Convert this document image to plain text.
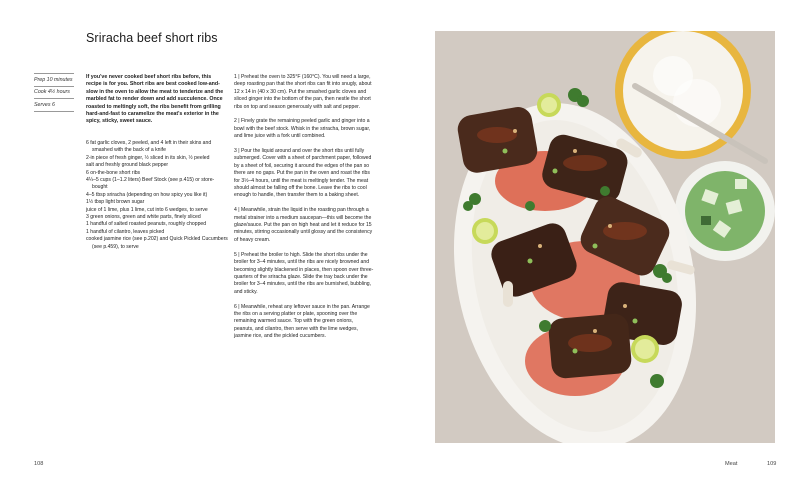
Sriracha beef short ribs
Prep 10 minutes
Cook 4½ hours
Serves 6
If you've never cooked beef short ribs before, this recipe is for you. Short ribs are best cooked low-and-slow in the oven to allow the meat to tenderize and the marbled fat to render down and add succulence. Once roasted to meltingly soft, the ribs benefit from grilling hard-and-fast to caramelize the meat's exterior in the spicy, sticky, sweet sauce.
6 fat garlic cloves, 2 peeled, and 4 left in their skins and smashed with the back of a knife
2-in piece of fresh ginger, ½ sliced in its skin, ½ peeled
salt and freshly ground black pepper
6 on-the-bone short ribs
4¼–5 cups (1–1.2 liters) Beef Stock (see p.415) or store-bought
4–5 tbsp sriracha (depending on how spicy you like it)
1½ tbsp light brown sugar
juice of 1 lime, plus 1 lime, cut into 6 wedges, to serve
3 green onions, green and white parts, finely sliced
1 handful of salted roasted peanuts, roughly chopped
1 handful of cilantro, leaves picked
cooked jasmine rice (see p.202) and Quick Pickled Cucumbers (see p.459), to serve

1 | Preheat the oven to 325°F (160°C). You will need a large, deep roasting pan that the short ribs can fit into snugly, about 12 x 14 in (40 x 30 cm). Put the smashed garlic cloves and sliced ginger into the bottom of the pan, then nestle the short ribs on top and season generously with salt and pepper.

2 | Finely grate the remaining peeled garlic and ginger into a bowl with the beef stock. Whisk in the sriracha, brown sugar, and lime juice with a fork until combined.

3 | Pour the liquid around and over the short ribs until fully submerged. Cover with a sheet of parchment paper, followed by a sheet of foil, securing it around the edges of the pan so there are no gaps. Put the pan in the oven and roast the ribs for 3½–4 hours, until the meat is meltingly tender. The meat should almost be falling off the bone. Leave the ribs to cool enough to handle, then transfer them to a baking sheet.

4 | Meanwhile, strain the liquid in the roasting pan through a metal strainer into a medium saucepan—this will become the glaze/sauce. Put the pan on high heat and let it reduce for 15 minutes, stirring occasionally until glossy and the consistency of heavy cream.

5 | Preheat the broiler to high. Slide the short ribs under the broiler for 3–4 minutes, until the ribs are nicely browned and becoming slightly blackened in places, then spoon over three-quarters of the sriracha glaze. Slide the tray back under the broiler for 3–4 minutes, until the ribs are burnished, bubbling, and sticky.

6 | Meanwhile, reheat any leftover sauce in the pan. Arrange the ribs on a serving platter or plate, spooning over the remaining warmed sauce. Top with the green onions, peanuts, and cilantro, then serve with the lime wedges, jasmine rice, and the pickled cucumbers.

108	Meat	109
